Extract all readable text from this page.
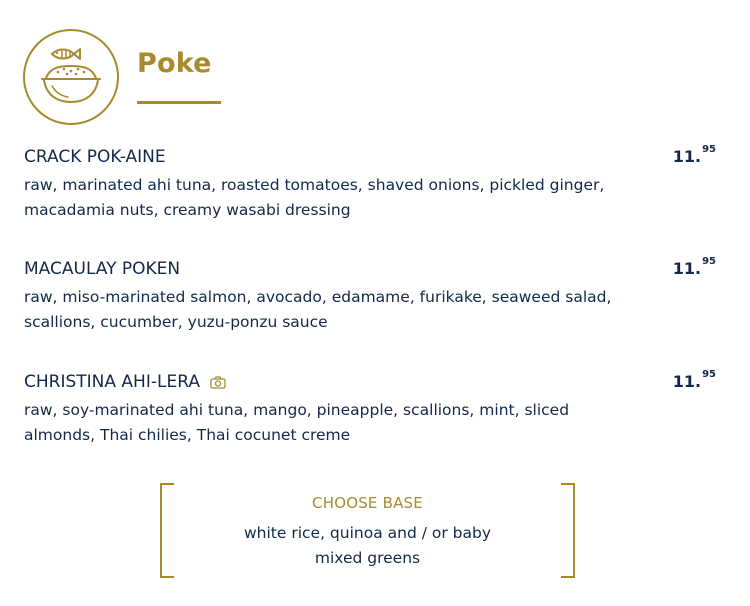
Poke
CRACK POK-AINE	11.95
raw, marinated ahi tuna, roasted tomatoes, shaved onions, pickled ginger, macadamia nuts, creamy wasabi dressing
MACAULAY POKEN	11.95
raw, miso-marinated salmon, avocado, edamame, furikake, seaweed salad, scallions, cucumber, yuzu-ponzu sauce
CHRISTINA AHI-LERA	11.95
raw, soy-marinated ahi tuna, mango, pineapple, scallions, mint, sliced almonds, Thai chilies, Thai cocunet creme
CHOOSE BASE
white rice, quinoa and / or baby mixed greens
